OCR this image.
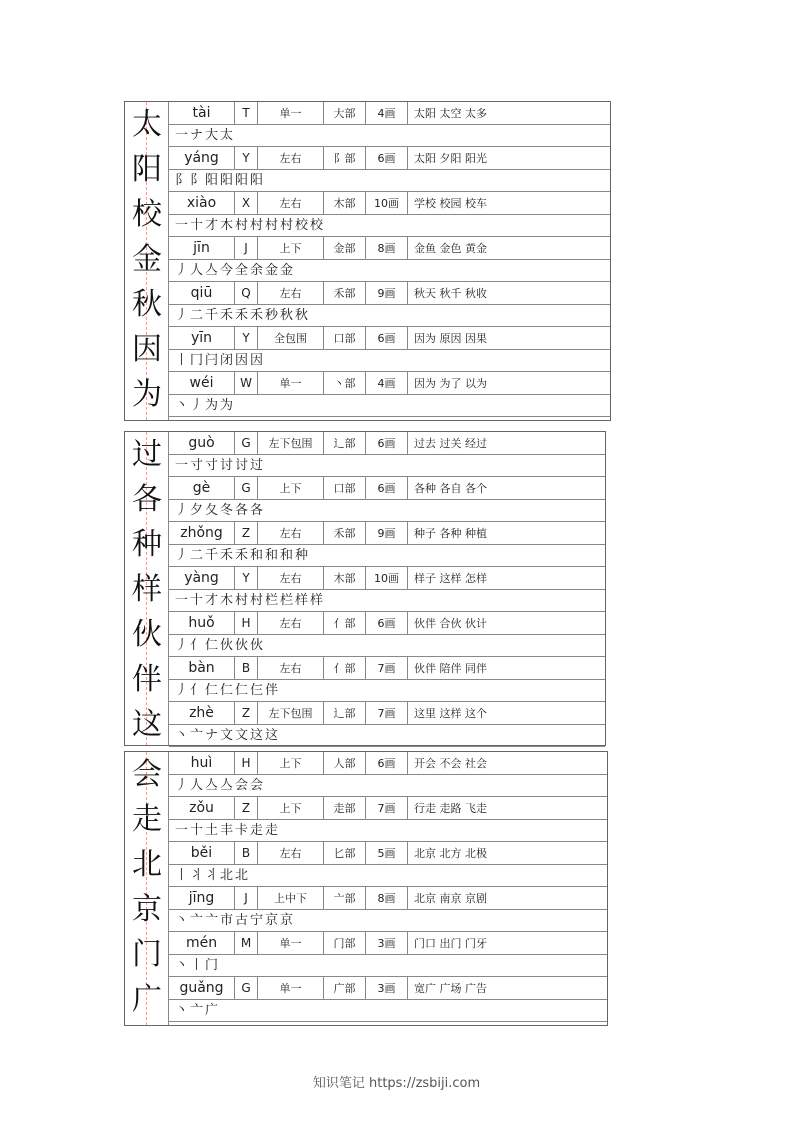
太	tài	T	单一	大部	4画	太阳 太空 太多
一ナ大太
阳	yáng	Y	左右	阝部	6画	太阳 夕阳 阳光
阝阝阳阳阳阳
校	xiào	X	左右	木部	10画	学校 校园 校车
一十才木村村村村校校
金	jīn	J	上下	金部	8画	金鱼 金色 黄金
丿人亼今全余金金
秋	qiū	Q	左右	禾部	9画	秋天 秋千 秋收
丿二千禾禾禾秒秋秋
因	yīn	Y	全包围	口部	6画	因为 原因 因果
丨冂闩闭因因
为	wéi	W	单一	丶部	4画	因为 为了 以为
丶丿为为
过	guò	G	左下包围	辶部	6画	过去 过关 经过
一寸寸讨讨过
各	gè	G	上下	口部	6画	各种 各自 各个
丿夕夂冬各各
种	zhǒng	Z	左右	禾部	9画	种子 各种 种植
丿二千禾禾和和和种
样	yàng	Y	左右	木部	10画	样子 这样 怎样
一十才木村村栏栏样样
伙	huǒ	H	左右	亻部	6画	伙伴 合伙 伙计
丿亻仁伙伙伙
伴	bàn	B	左右	亻部	7画	伙伴 陪伴 同伴
丿亻仁仁仁仨伴
这	zhè	Z	左下包围	辶部	7画	这里 这样 这个
丶亠ナ文文这这
会	huì	H	上下	人部	6画	开会 不会 社会
丿人亼亼会会
走	zǒu	Z	上下	走部	7画	行走 走路 飞走
一十土丰卡走走
北	běi	B	左右	匕部	5画	北京 北方 北极
丨丬丬北北
京	jīng	J	上中下	亠部	8画	北京 南京 京剧
丶亠亠市古宁京京
门	mén	M	单一	门部	3画	门口 出门 门牙
丶丨门
广	guǎng	G	单一	广部	3画	宽广 广场 广告
丶亠广
知识笔记 https://zsbiji.com
